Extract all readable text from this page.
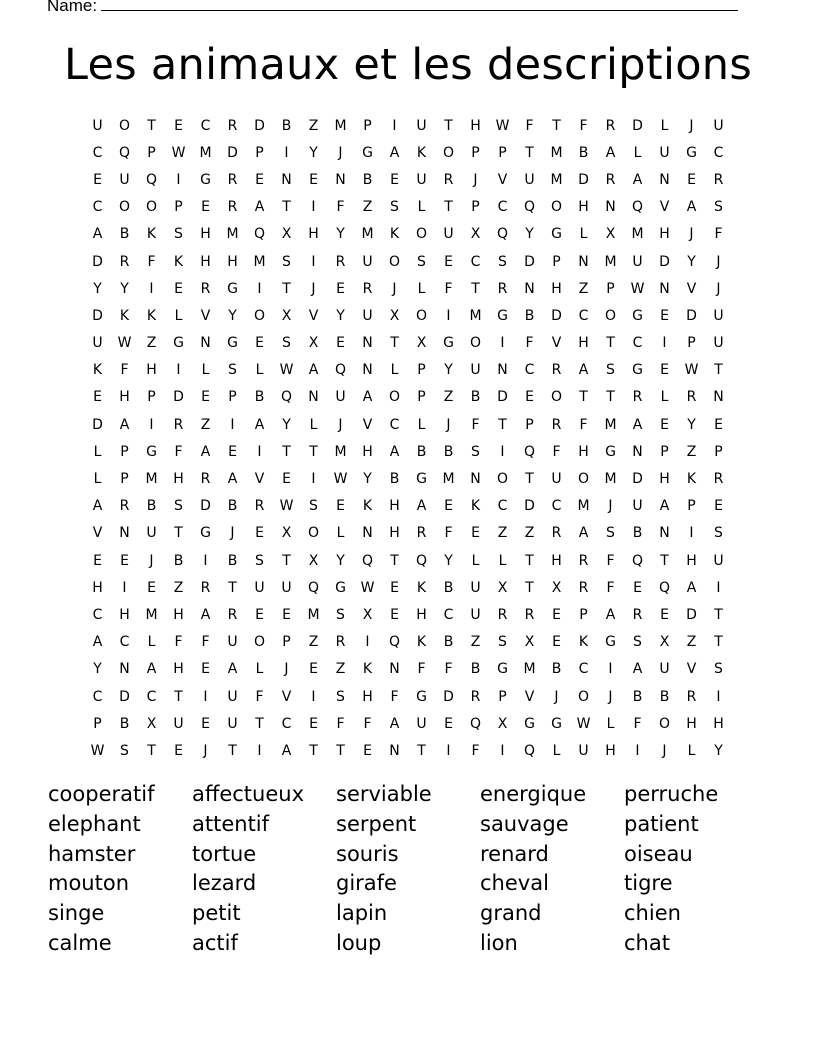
Name:
Les animaux et les descriptions
U	O	T	E	C	R	D	B	Z	M	P	I	U	T	H	W	F	T	F	R	D	L	J	U
C	Q	P	W	M	D	P	I	Y	J	G	A	K	O	P	P	T	M	B	A	L	U	G	C
E	U	Q	I	G	R	E	N	E	N	B	E	U	R	J	V	U	M	D	R	A	N	E	R
C	O	O	P	E	R	A	T	I	F	Z	S	L	T	P	C	Q	O	H	N	Q	V	A	S
A	B	K	S	H	M	Q	X	H	Y	M	K	O	U	X	Q	Y	G	L	X	M	H	J	F
D	R	F	K	H	H	M	S	I	R	U	O	S	E	C	S	D	P	N	M	U	D	Y	J
Y	Y	I	E	R	G	I	T	J	E	R	J	L	F	T	R	N	H	Z	P	W	N	V	J
D	K	K	L	V	Y	O	X	V	Y	U	X	O	I	M	G	B	D	C	O	G	E	D	U
U	W	Z	G	N	G	E	S	X	E	N	T	X	G	O	I	F	V	H	T	C	I	P	U
K	F	H	I	L	S	L	W	A	Q	N	L	P	Y	U	N	C	R	A	S	G	E	W	T
E	H	P	D	E	P	B	Q	N	U	A	O	P	Z	B	D	E	O	T	T	R	L	R	N
D	A	I	R	Z	I	A	Y	L	J	V	C	L	J	F	T	P	R	F	M	A	E	Y	E
L	P	G	F	A	E	I	T	T	M	H	A	B	B	S	I	Q	F	H	G	N	P	Z	P
L	P	M	H	R	A	V	E	I	W	Y	B	G	M	N	O	T	U	O	M	D	H	K	R
A	R	B	S	D	B	R	W	S	E	K	H	A	E	K	C	D	C	M	J	U	A	P	E
V	N	U	T	G	J	E	X	O	L	N	H	R	F	E	Z	Z	R	A	S	B	N	I	S
E	E	J	B	I	B	S	T	X	Y	Q	T	Q	Y	L	L	T	H	R	F	Q	T	H	U
H	I	E	Z	R	T	U	U	Q	G	W	E	K	B	U	X	T	X	R	F	E	Q	A	I
C	H	M	H	A	R	E	E	M	S	X	E	H	C	U	R	R	E	P	A	R	E	D	T
A	C	L	F	F	U	O	P	Z	R	I	Q	K	B	Z	S	X	E	K	G	S	X	Z	T
Y	N	A	H	E	A	L	J	E	Z	K	N	F	F	B	G	M	B	C	I	A	U	V	S
C	D	C	T	I	U	F	V	I	S	H	F	G	D	R	P	V	J	O	J	B	B	R	I
P	B	X	U	E	U	T	C	E	F	F	A	U	E	Q	X	G	G	W	L	F	O	H	H
W	S	T	E	J	T	I	A	T	T	E	N	T	I	F	I	Q	L	U	H	I	J	L	Y
cooperatif	affectueux	serviable	energique	perruche
elephant	attentif	serpent	sauvage	patient
hamster	tortue	souris	renard	oiseau
mouton	lezard	girafe	cheval	tigre
singe	petit	lapin	grand	chien
calme	actif	loup	lion	chat
